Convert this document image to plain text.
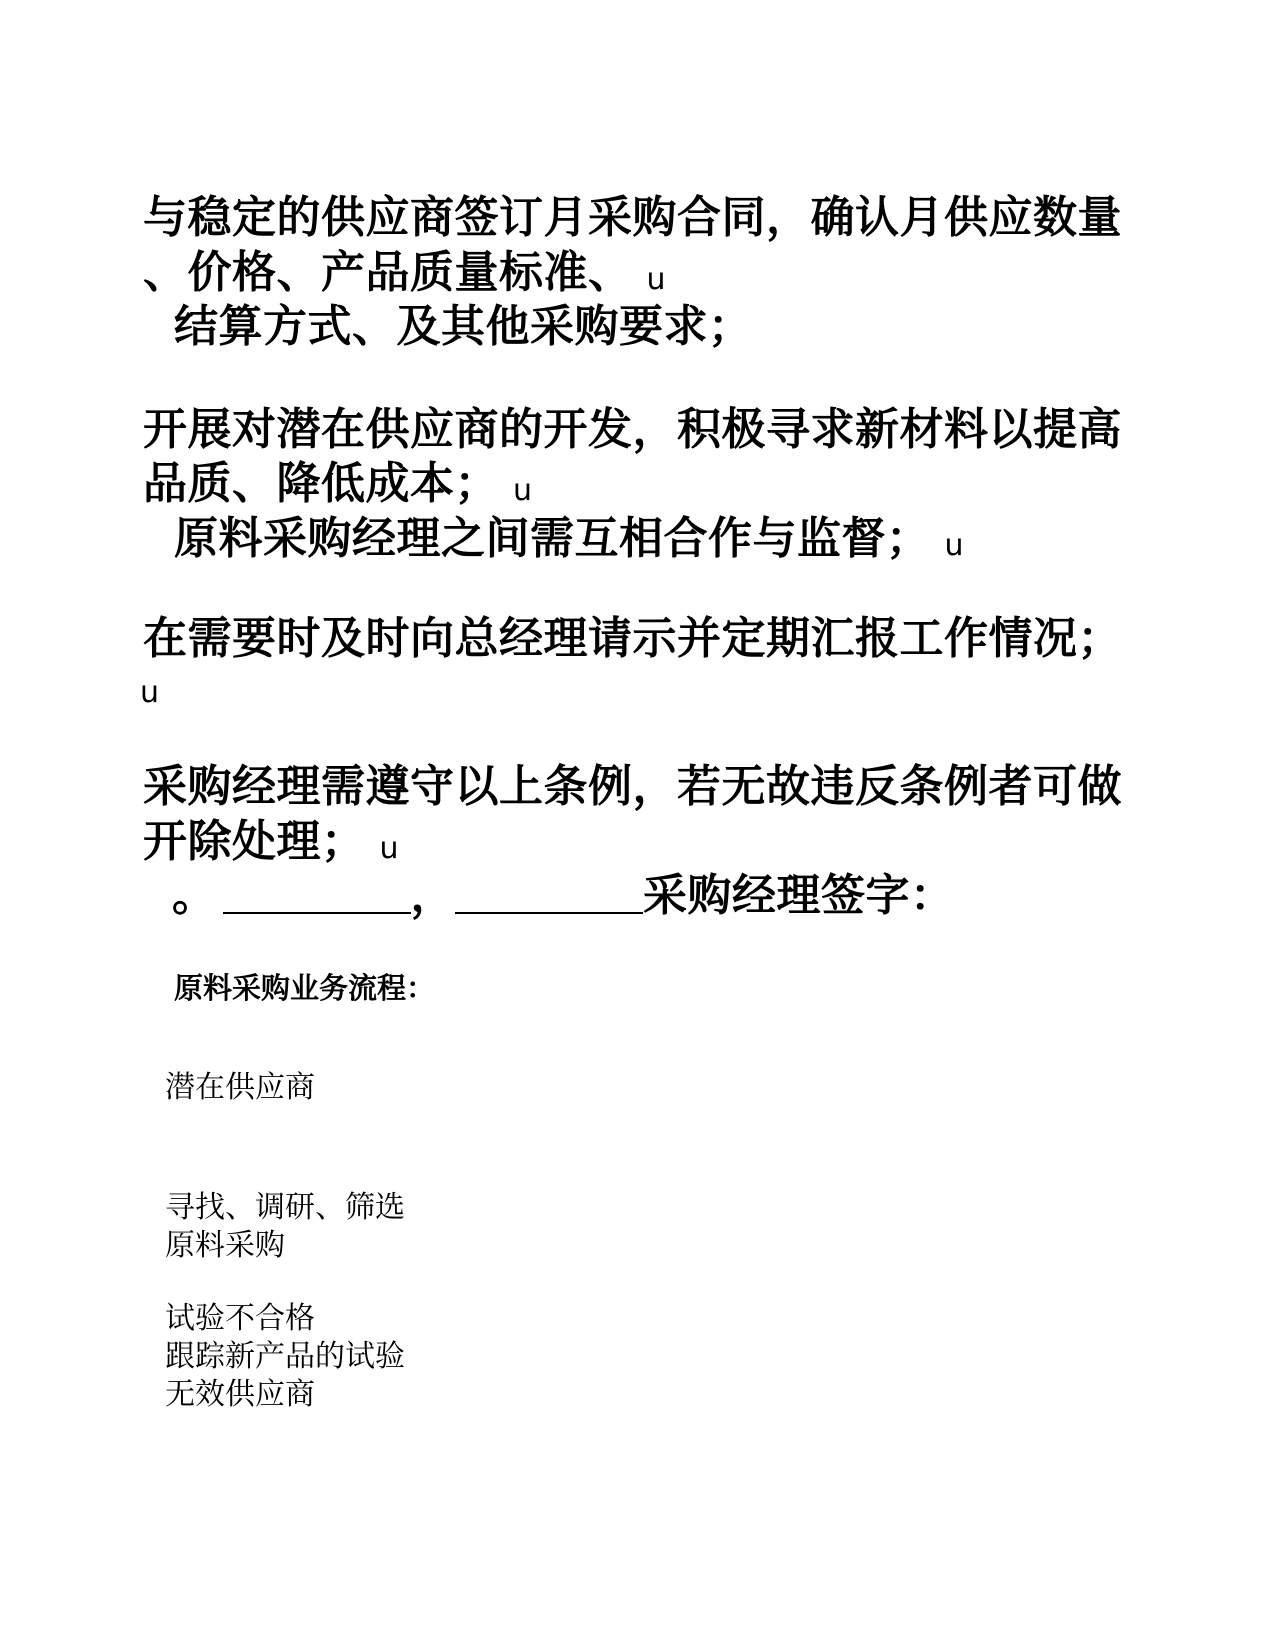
与稳定的供应商签订月采购合同，确认月供应数量
、价格、产品质量标准、 u
结算方式、及其他采购要求；
开展对潜在供应商的开发，积极寻求新材料以提高
品质、降低成本； u
原料采购经理之间需互相合作与监督； u
在需要时及时向总经理请示并定期汇报工作情况；
u
采购经理需遵守以上条例，若无故违反条例者可做
开除处理； u
。	，	采购经理签字：
原料采购业务流程：
潜在供应商
寻找、调研、筛选
原料采购
试验不合格
跟踪新产品的试验
无效供应商
